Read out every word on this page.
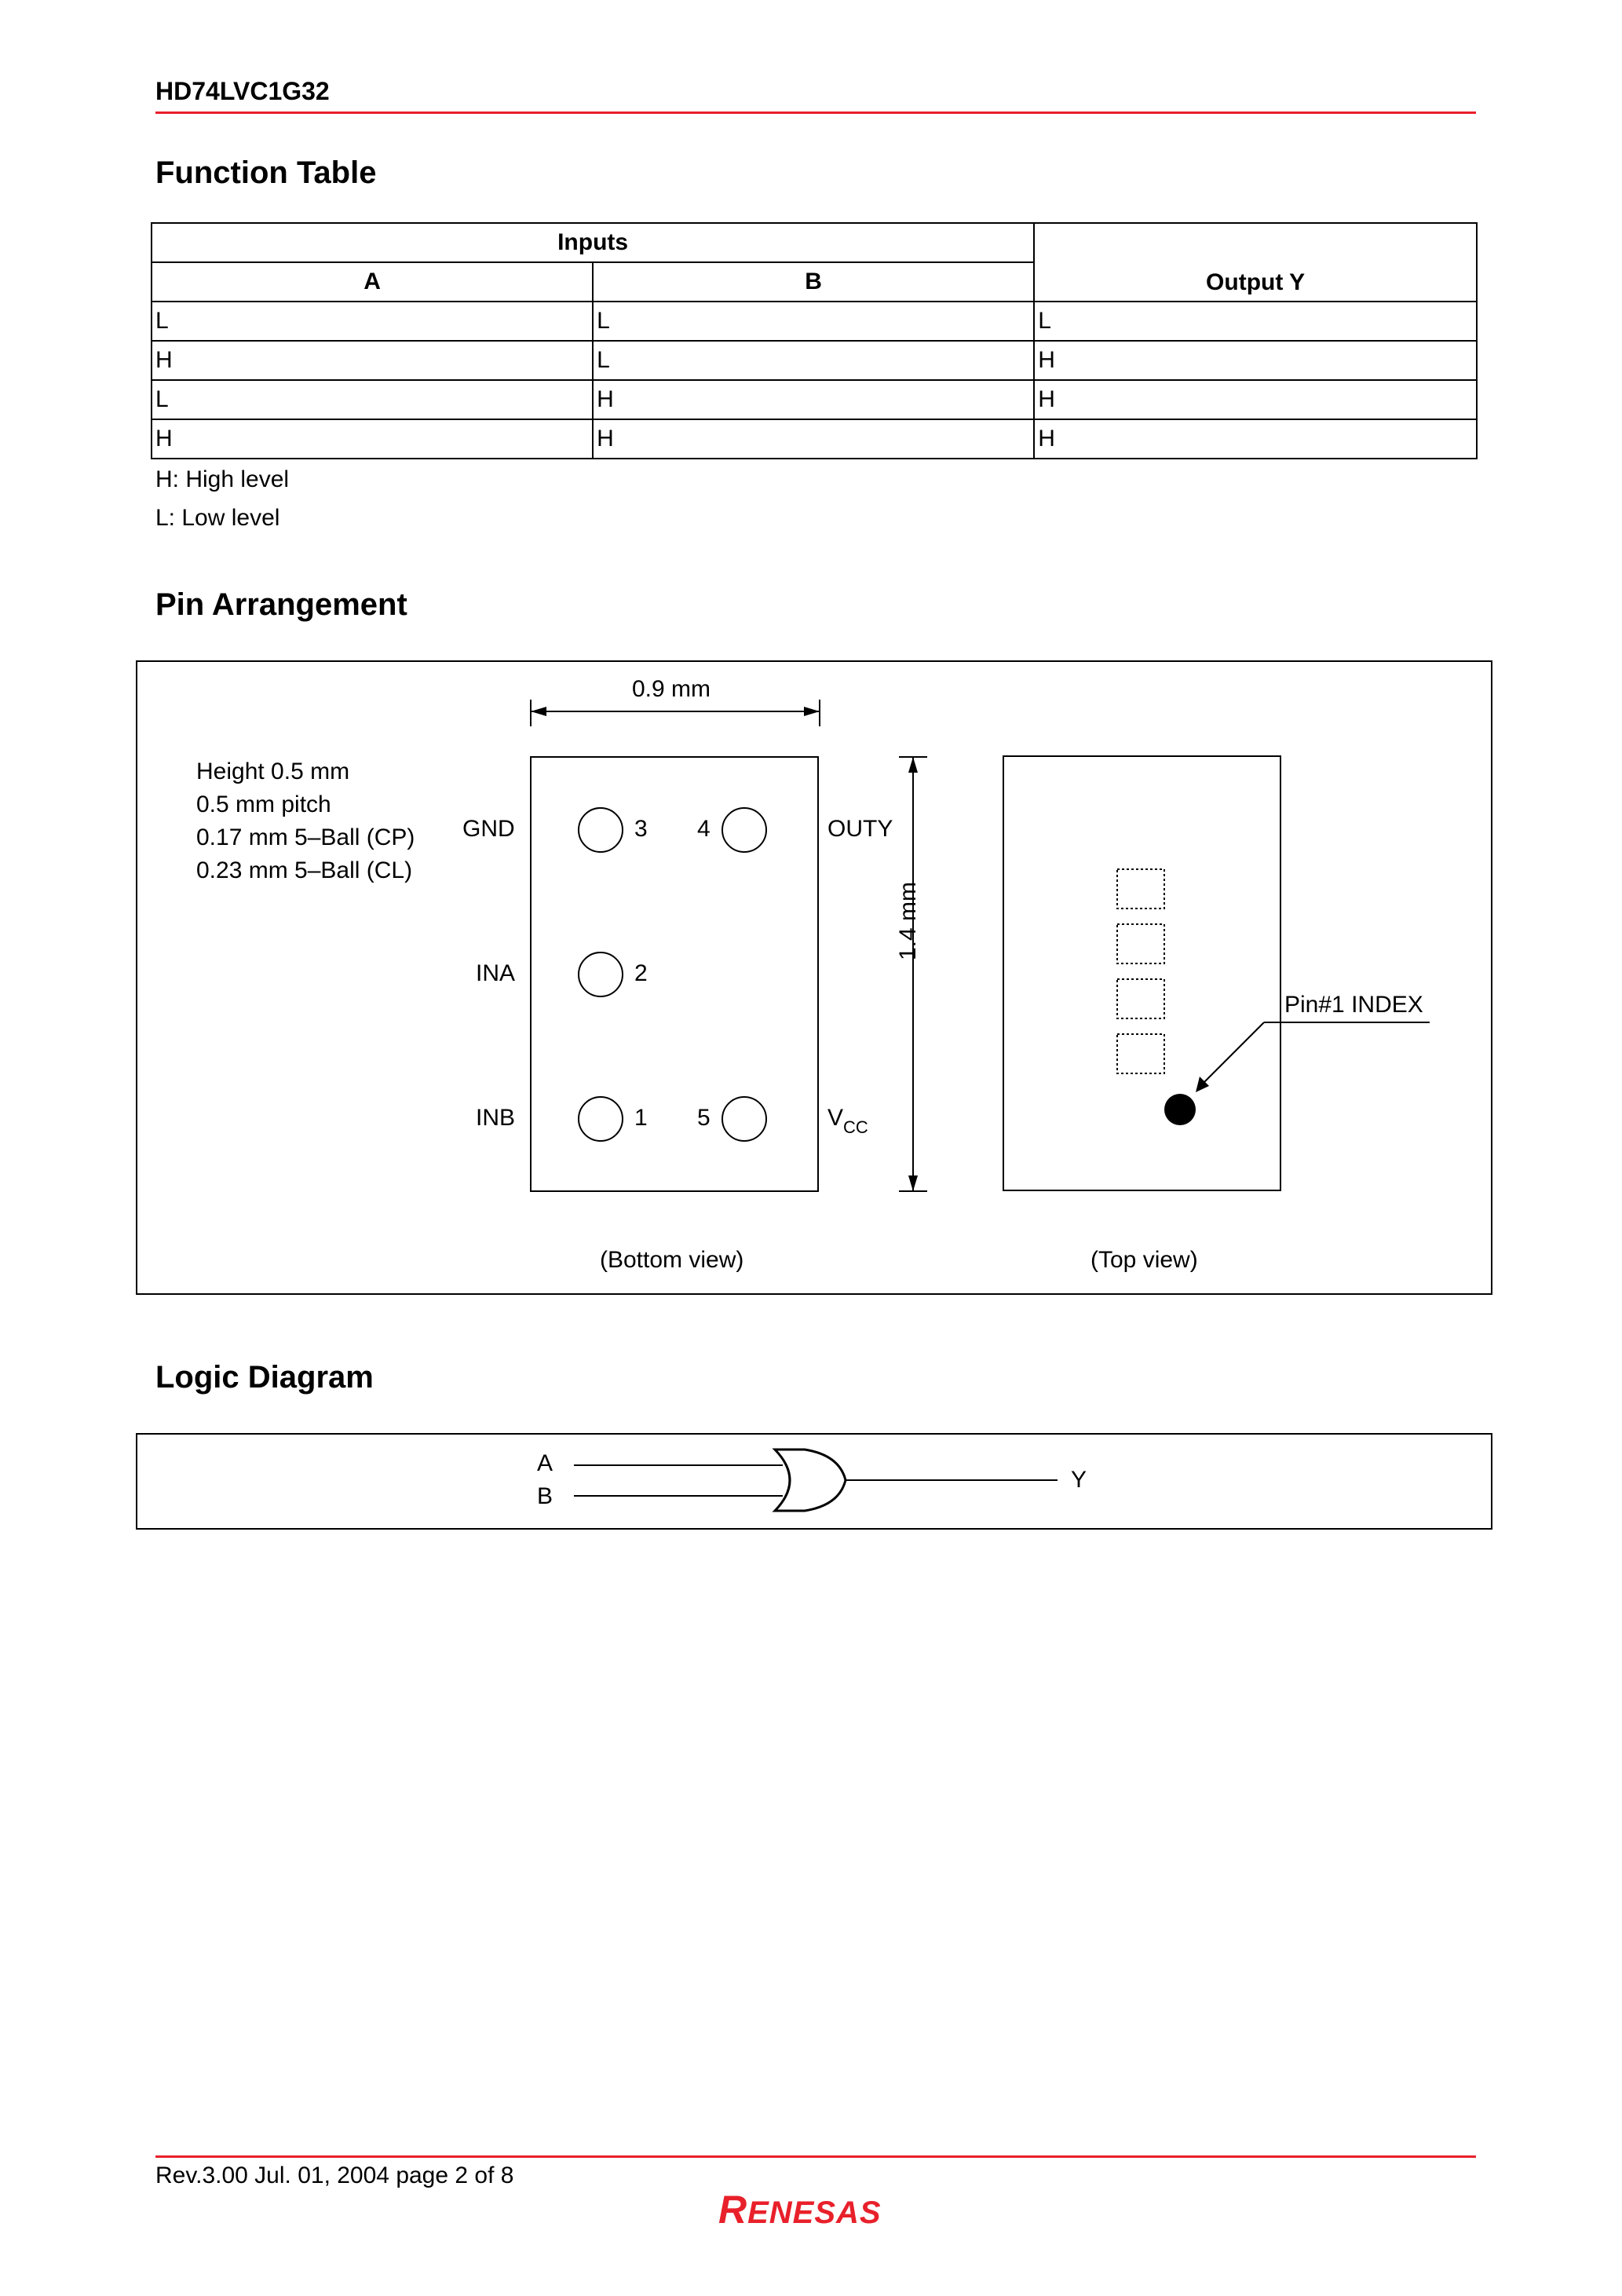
HD74LVC1G32
Function Table
Inputs		Output Y
A	B	
L	L	L
H	L	H
L	H	H
H	H	H
H: High level
L: Low level
Pin Arrangement
Height 0.5 mm
0.5 mm pitch
0.17 mm 5–Ball (CP)
0.23 mm 5–Ball (CL)
0.9 mm
1.4 mm
GND
INA
INB
OUTY
$V_{CC}$
3 4
2
1 5
Pin#1 INDEX
(Bottom view)	(Top view)
Logic Diagram
A
B
Y
Rev.3.00 Jul. 01, 2004 page 2 of 8
RENESAS
